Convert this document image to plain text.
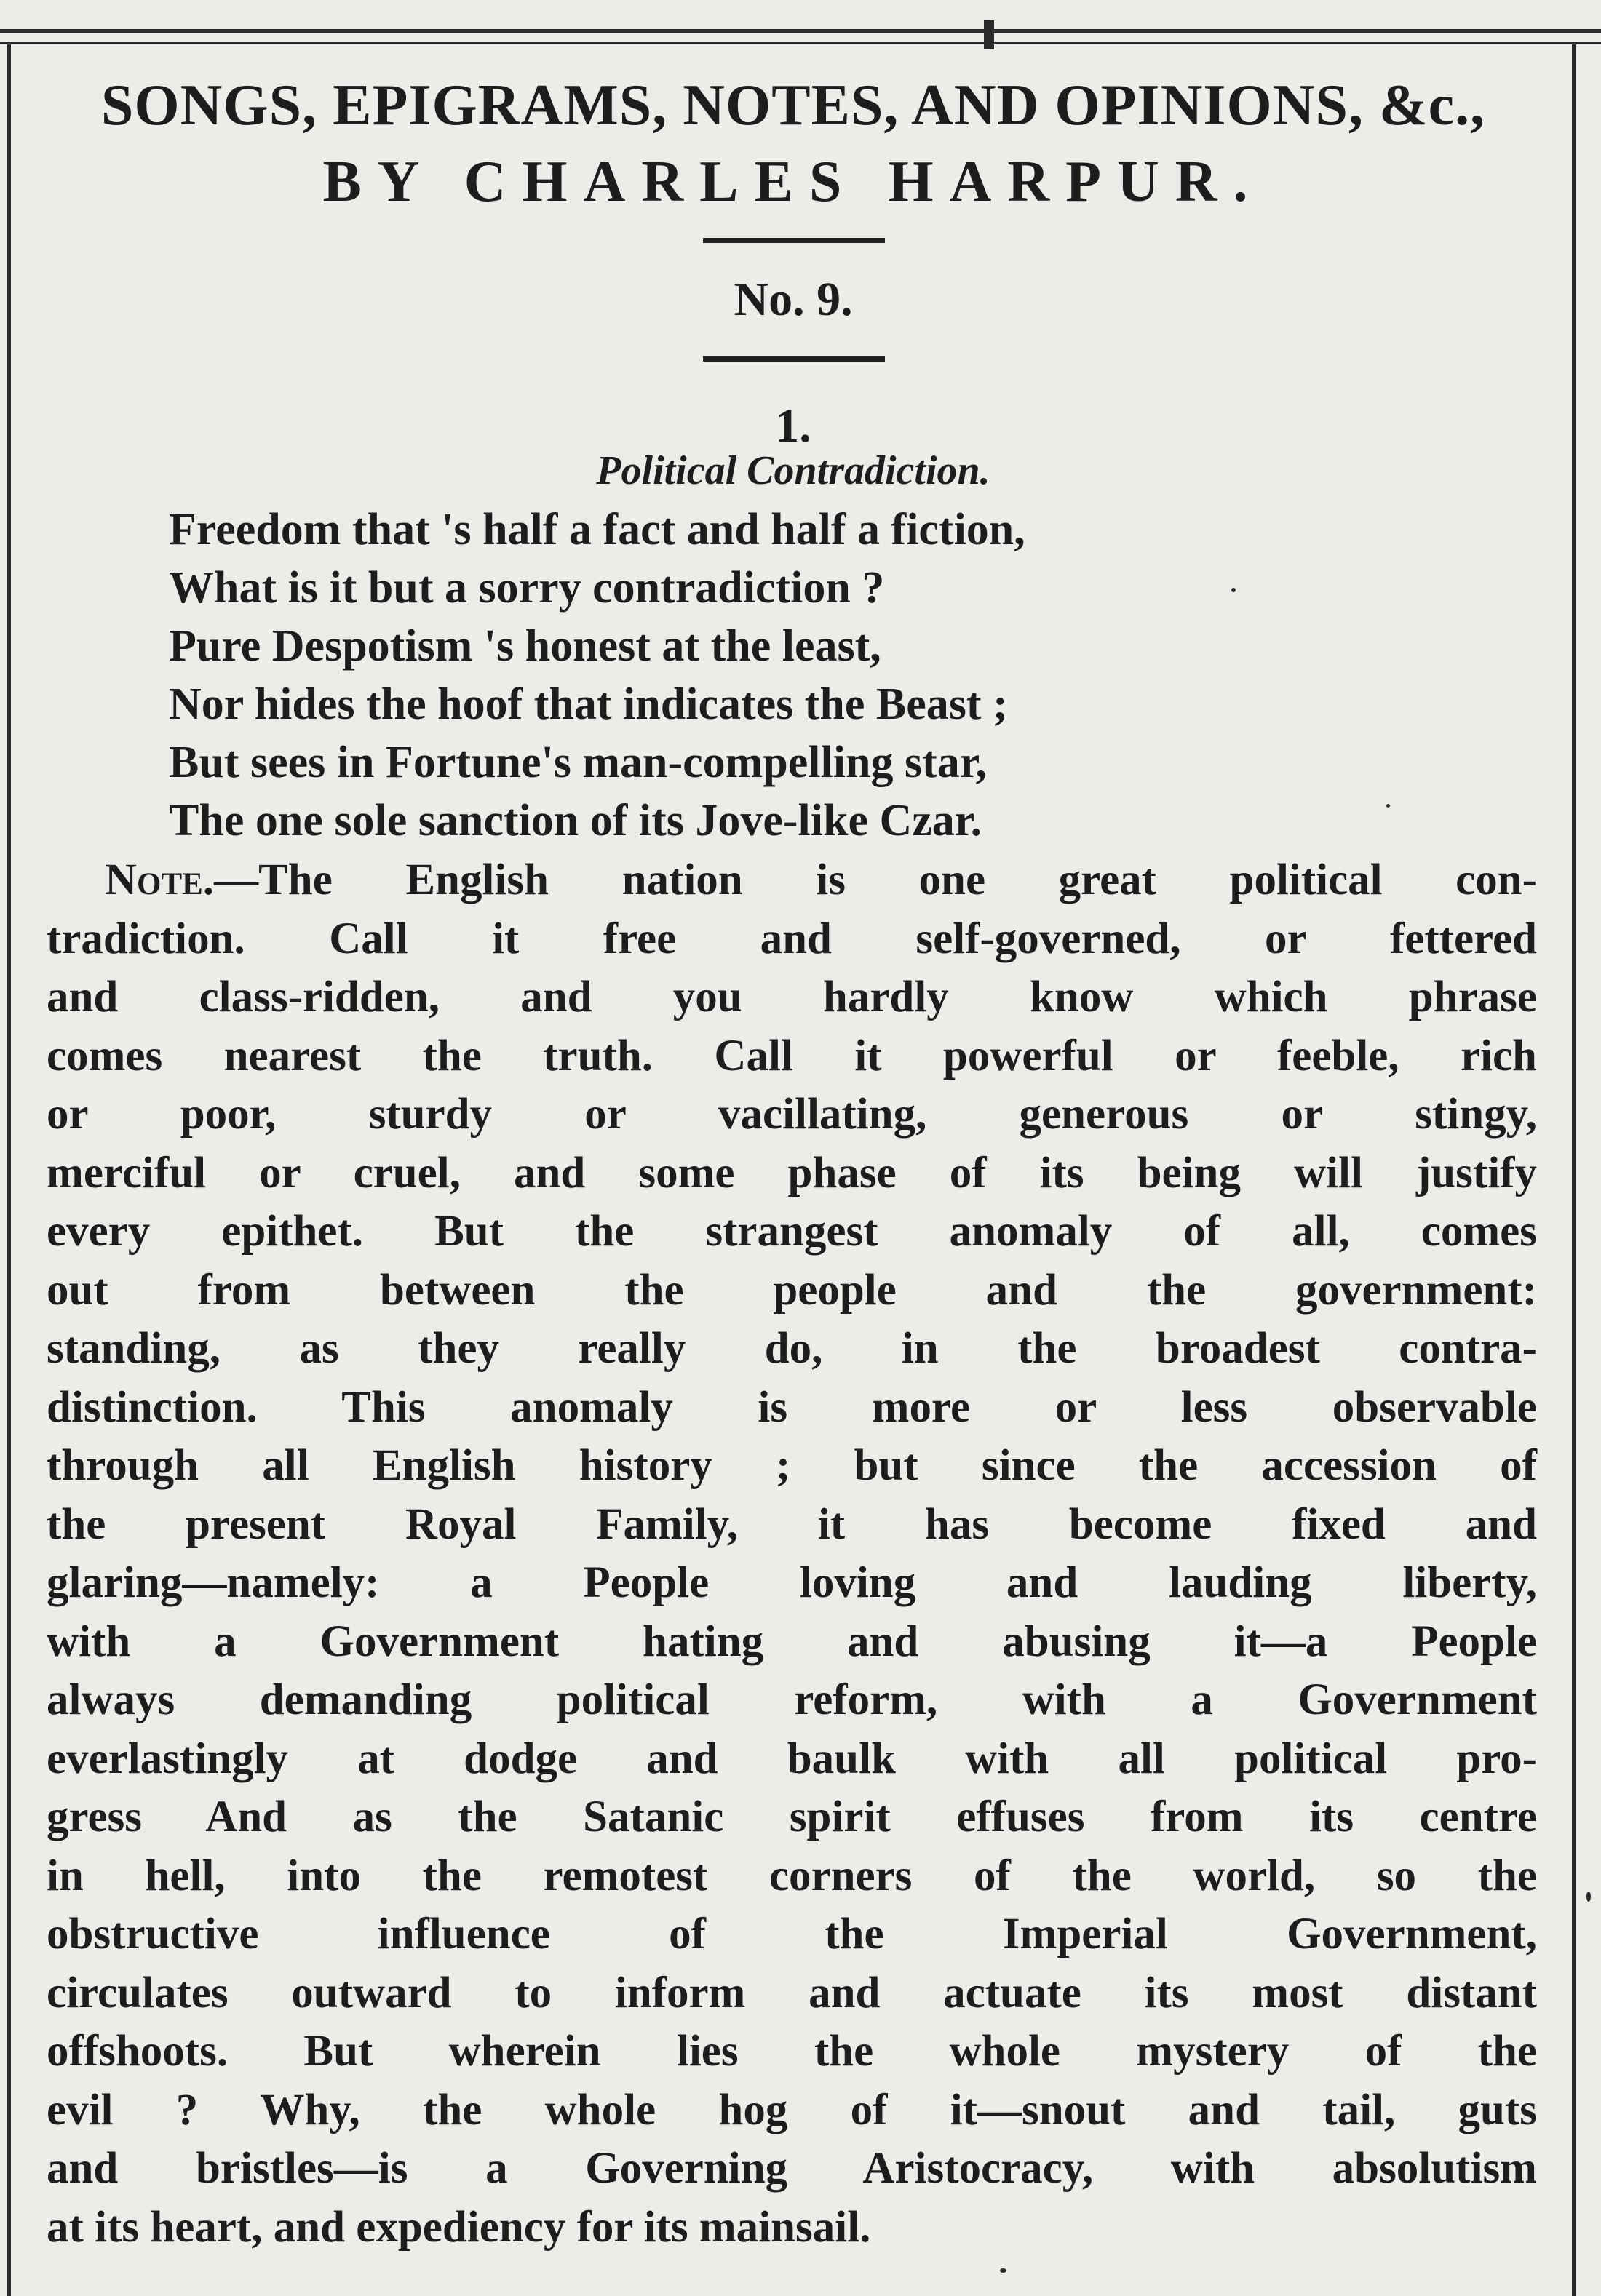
SONGS, EPIGRAMS, NOTES, AND OPINIONS, &c.,
BY CHARLES HARPUR.
No. 9.
1.
Political Contradiction.
Freedom that 's half a fact and half a fiction,
What is it but a sorry contradiction ?
Pure Despotism 's honest at the least,
Nor hides the hoof that indicates the Beast ;
But sees in Fortune's man-compelling star,
The one sole sanction of its Jove-like Czar.
Note.—The English nation is one great political con-
tradiction. Call it free and self-governed, or fettered
and class-ridden, and you hardly know which phrase
comes nearest the truth. Call it powerful or feeble, rich
or poor, sturdy or vacillating, generous or stingy,
merciful or cruel, and some phase of its being will justify
every epithet. But the strangest anomaly of all, comes
out from between the people and the government:
standing, as they really do, in the broadest contra-
distinction. This anomaly is more or less observable
through all English history ; but since the accession of
the present Royal Family, it has become fixed and
glaring—namely: a People loving and lauding liberty,
with a Government hating and abusing it—a People
always demanding political reform, with a Government
everlastingly at dodge and baulk with all political pro-
gress And as the Satanic spirit effuses from its centre
in hell, into the remotest corners of the world, so the
obstructive influence of the Imperial Government,
circulates outward to inform and actuate its most distant
offshoots. But wherein lies the whole mystery of the
evil ? Why, the whole hog of it—snout and tail, guts
and bristles—is a Governing Aristocracy, with absolutism
at its heart, and expediency for its mainsail.
